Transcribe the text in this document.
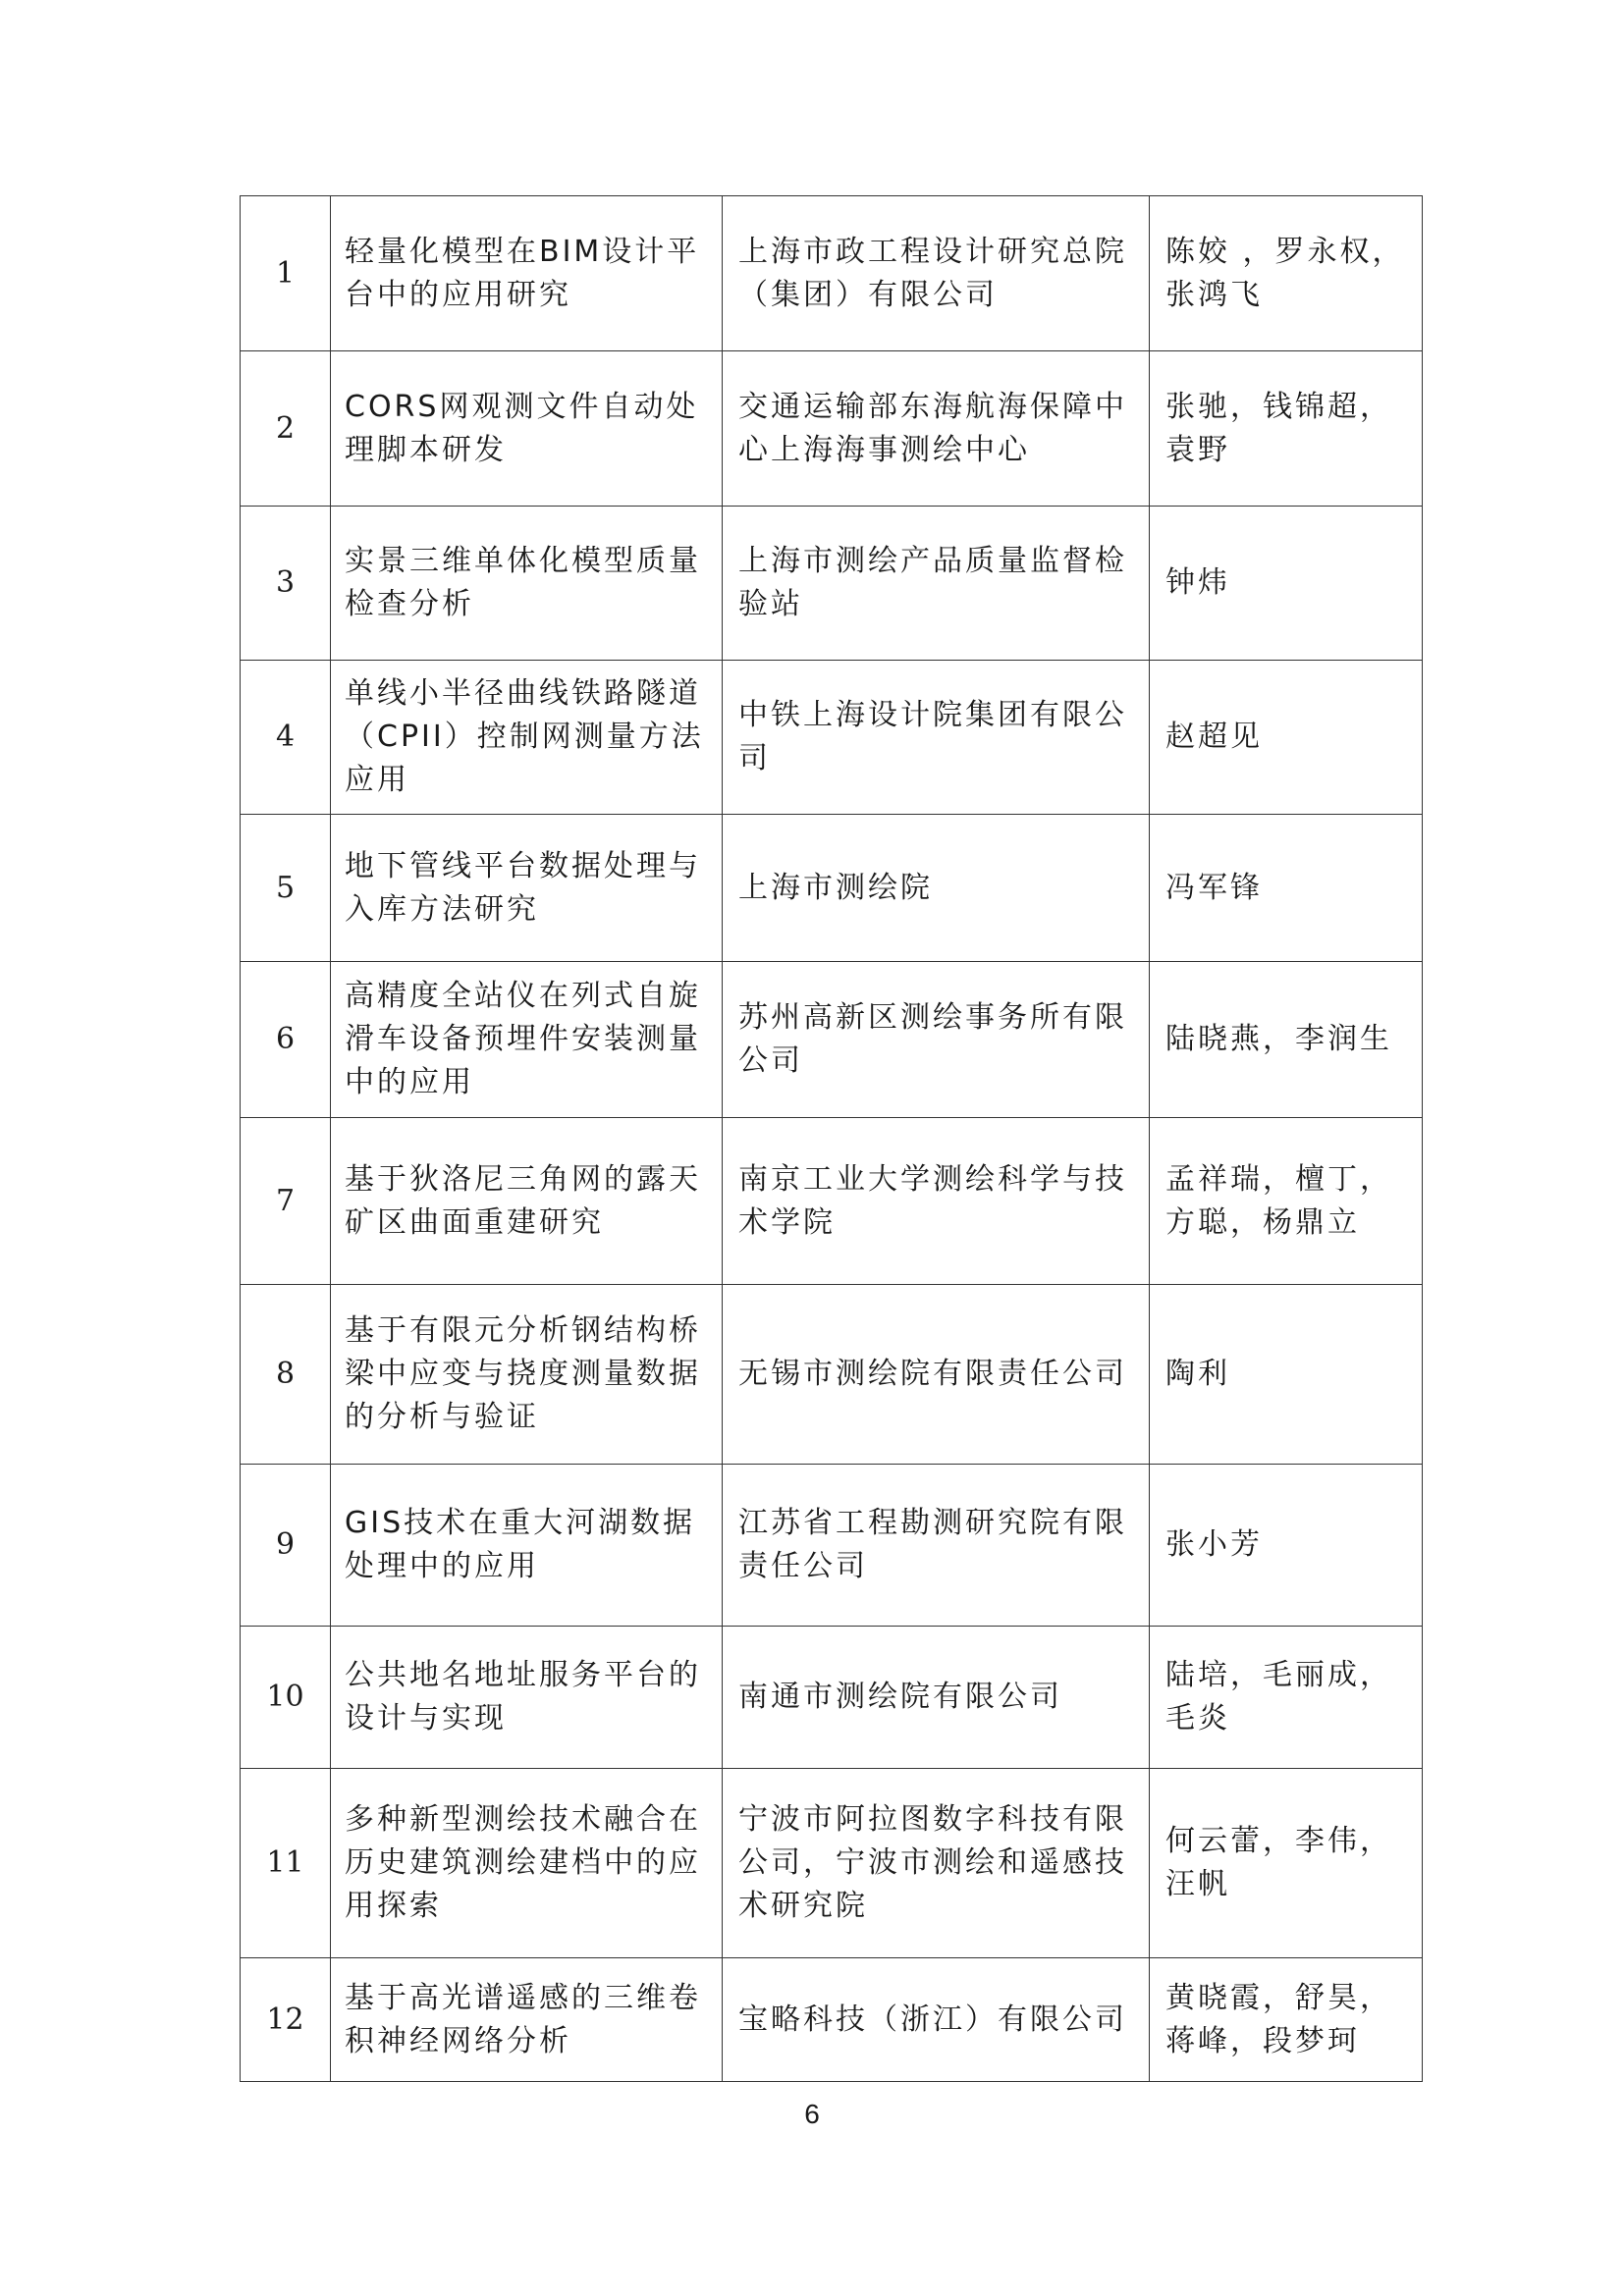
1	轻量化模型在BIM设计平台中的应用研究	上海市政工程设计研究总院（集团）有限公司	陈姣 ，罗永权，张鸿飞
2	CORS网观测文件自动处理脚本研发	交通运输部东海航海保障中心上海海事测绘中心	张驰，钱锦超，袁野
3	实景三维单体化模型质量检查分析	上海市测绘产品质量监督检验站	钟炜
4	单线小半径曲线铁路隧道（CPII）控制网测量方法应用	中铁上海设计院集团有限公司	赵超见
5	地下管线平台数据处理与入库方法研究	上海市测绘院	冯军锋
6	高精度全站仪在列式自旋滑车设备预埋件安装测量中的应用	苏州高新区测绘事务所有限公司	陆晓燕，李润生
7	基于狄洛尼三角网的露天矿区曲面重建研究	南京工业大学测绘科学与技术学院	孟祥瑞，檀丁，方聪，杨鼎立
8	基于有限元分析钢结构桥梁中应变与挠度测量数据的分析与验证	无锡市测绘院有限责任公司	陶利
9	GIS技术在重大河湖数据处理中的应用	江苏省工程勘测研究院有限责任公司	张小芳
10	公共地名地址服务平台的设计与实现	南通市测绘院有限公司	陆培，毛丽成，毛炎
11	多种新型测绘技术融合在历史建筑测绘建档中的应用探索	宁波市阿拉图数字科技有限公司，宁波市测绘和遥感技术研究院	何云蕾，李伟，汪帆
12	基于高光谱遥感的三维卷积神经网络分析	宝略科技（浙江）有限公司	黄晓霞，舒昊，蒋峰，段梦珂
6
